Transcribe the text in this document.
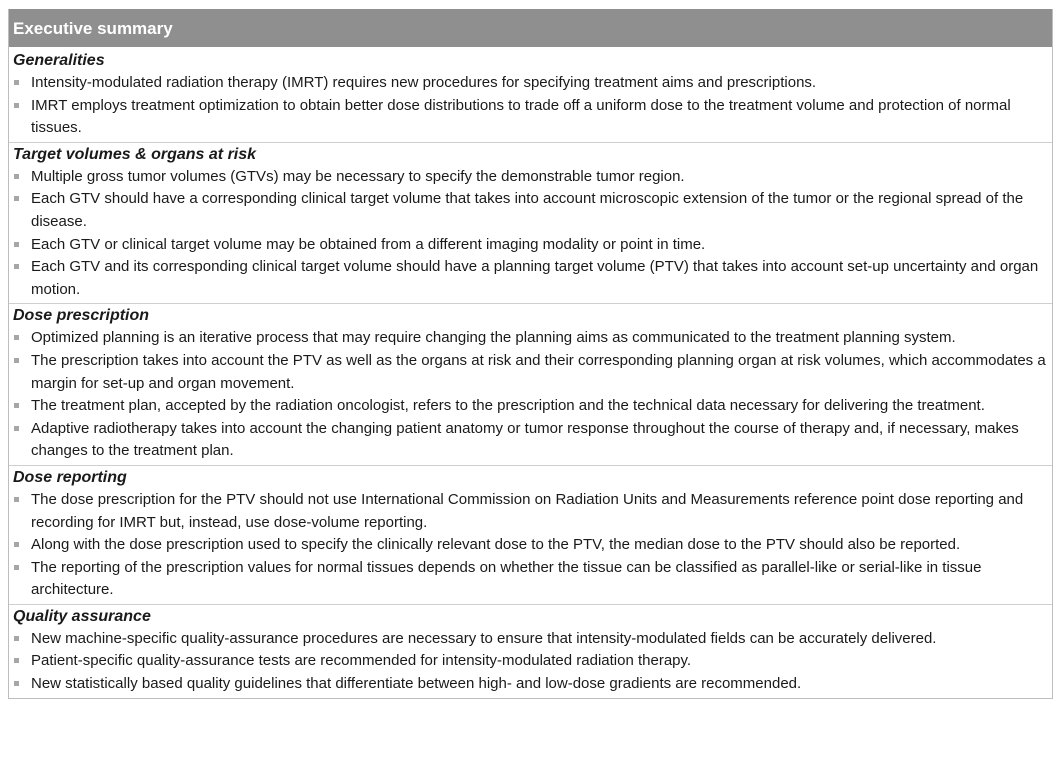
Executive summary
Generalities
Intensity-modulated radiation therapy (IMRT) requires new procedures for specifying treatment aims and prescriptions.
IMRT employs treatment optimization to obtain better dose distributions to trade off a uniform dose to the treatment volume and protection of normal tissues.
Target volumes & organs at risk
Multiple gross tumor volumes (GTVs) may be necessary to specify the demonstrable tumor region.
Each GTV should have a corresponding clinical target volume that takes into account microscopic extension of the tumor or the regional spread of the disease.
Each GTV or clinical target volume may be obtained from a different imaging modality or point in time.
Each GTV and its corresponding clinical target volume should have a planning target volume (PTV) that takes into account set-up uncertainty and organ motion.
Dose prescription
Optimized planning is an iterative process that may require changing the planning aims as communicated to the treatment planning system.
The prescription takes into account the PTV as well as the organs at risk and their corresponding planning organ at risk volumes, which accommodates a margin for set-up and organ movement.
The treatment plan, accepted by the radiation oncologist, refers to the prescription and the technical data necessary for delivering the treatment.
Adaptive radiotherapy takes into account the changing patient anatomy or tumor response throughout the course of therapy and, if necessary, makes changes to the treatment plan.
Dose reporting
The dose prescription for the PTV should not use International Commission on Radiation Units and Measurements reference point dose reporting and recording for IMRT but, instead, use dose-volume reporting.
Along with the dose prescription used to specify the clinically relevant dose to the PTV, the median dose to the PTV should also be reported.
The reporting of the prescription values for normal tissues depends on whether the tissue can be classified as parallel-like or serial-like in tissue architecture.
Quality assurance
New machine-specific quality-assurance procedures are necessary to ensure that intensity-modulated fields can be accurately delivered.
Patient-specific quality-assurance tests are recommended for intensity-modulated radiation therapy.
New statistically based quality guidelines that differentiate between high- and low-dose gradients are recommended.
